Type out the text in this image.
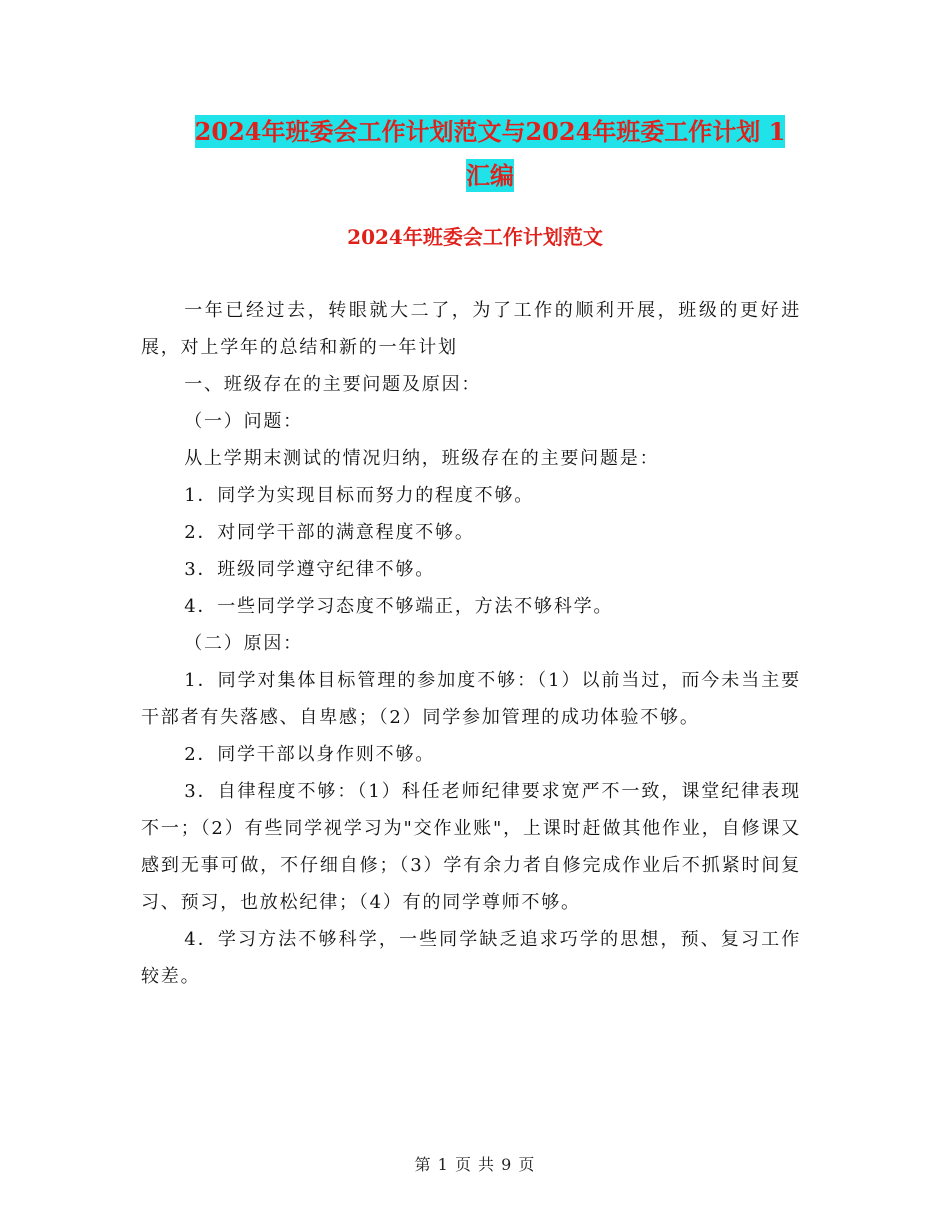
2024年班委会工作计划范文与2024年班委工作计划 1
汇编
2024年班委会工作计划范文

一年已经过去，转眼就大二了，为了工作的顺利开展，班级的更好进展，对上学年的总结和新的一年计划

一、班级存在的主要问题及原因：

（一）问题：

从上学期末测试的情况归纳，班级存在的主要问题是：

1．同学为实现目标而努力的程度不够。

2．对同学干部的满意程度不够。

3．班级同学遵守纪律不够。

4．一些同学学习态度不够端正，方法不够科学。

（二）原因：

1．同学对集体目标管理的参加度不够：（1）以前当过，而今未当主要干部者有失落感、自卑感；（2）同学参加管理的成功体验不够。

2．同学干部以身作则不够。

3．自律程度不够：（1）科任老师纪律要求宽严不一致，课堂纪律表现不一；（2）有些同学视学习为"交作业账"，上课时赶做其他作业，自修课又感到无事可做，不仔细自修；（3）学有余力者自修完成作业后不抓紧时间复习、预习，也放松纪律；（4）有的同学尊师不够。

4．学习方法不够科学，一些同学缺乏追求巧学的思想，预、复习工作较差。

第 1 页 共 9 页
